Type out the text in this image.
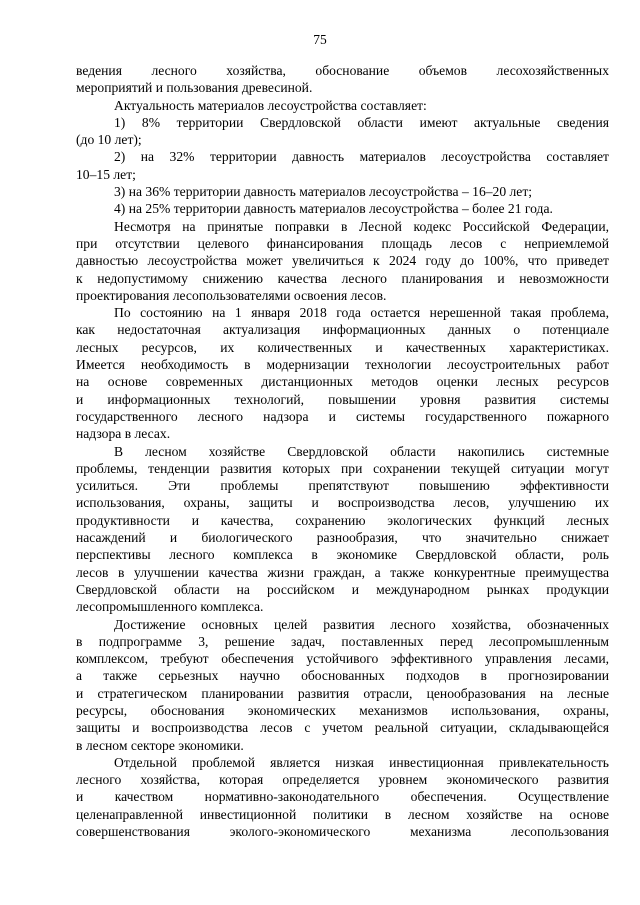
75
ведения лесного хозяйства, обоснование объемов лесохозяйственных
мероприятий и пользования древесиной.
Актуальность материалов лесоустройства составляет:
1) 8% территории Свердловской области имеют актуальные сведения
(до 10 лет);
2) на 32% территории давность материалов лесоустройства составляет
10–15 лет;
3) на 36% территории давность материалов лесоустройства – 16–20 лет;
4) на 25% территории давность материалов лесоустройства – более 21 года.
Несмотря на принятые поправки в Лесной кодекс Российской Федерации,
при отсутствии целевого финансирования площадь лесов с неприемлемой
давностью лесоустройства может увеличиться к 2024 году до 100%, что приведет
к недопустимому снижению качества лесного планирования и невозможности
проектирования лесопользователями освоения лесов.
По состоянию на 1 января 2018 года остается нерешенной такая проблема,
как недостаточная актуализация информационных данных о потенциале
лесных ресурсов, их количественных и качественных характеристиках.
Имеется необходимость в модернизации технологии лесоустроительных работ
на основе современных дистанционных методов оценки лесных ресурсов
и информационных технологий, повышении уровня развития системы
государственного лесного надзора и системы государственного пожарного
надзора в лесах.
В лесном хозяйстве Свердловской области накопились системные
проблемы, тенденции развития которых при сохранении текущей ситуации могут
усилиться. Эти проблемы препятствуют повышению эффективности
использования, охраны, защиты и воспроизводства лесов, улучшению их
продуктивности и качества, сохранению экологических функций лесных
насаждений и биологического разнообразия, что значительно снижает
перспективы лесного комплекса в экономике Свердловской области, роль
лесов в улучшении качества жизни граждан, а также конкурентные преимущества
Свердловской области на российском и международном рынках продукции
лесопромышленного комплекса.
Достижение основных целей развития лесного хозяйства, обозначенных
в подпрограмме 3, решение задач, поставленных перед лесопромышленным
комплексом, требуют обеспечения устойчивого эффективного управления лесами,
а также серьезных научно обоснованных подходов в прогнозировании
и стратегическом планировании развития отрасли, ценообразования на лесные
ресурсы, обоснования экономических механизмов использования, охраны,
защиты и воспроизводства лесов с учетом реальной ситуации, складывающейся
в лесном секторе экономики.
Отдельной проблемой является низкая инвестиционная привлекательность
лесного хозяйства, которая определяется уровнем экономического развития
и качеством нормативно-законодательного обеспечения. Осуществление
целенаправленной инвестиционной политики в лесном хозяйстве на основе
совершенствования эколого-экономического механизма лесопользования
